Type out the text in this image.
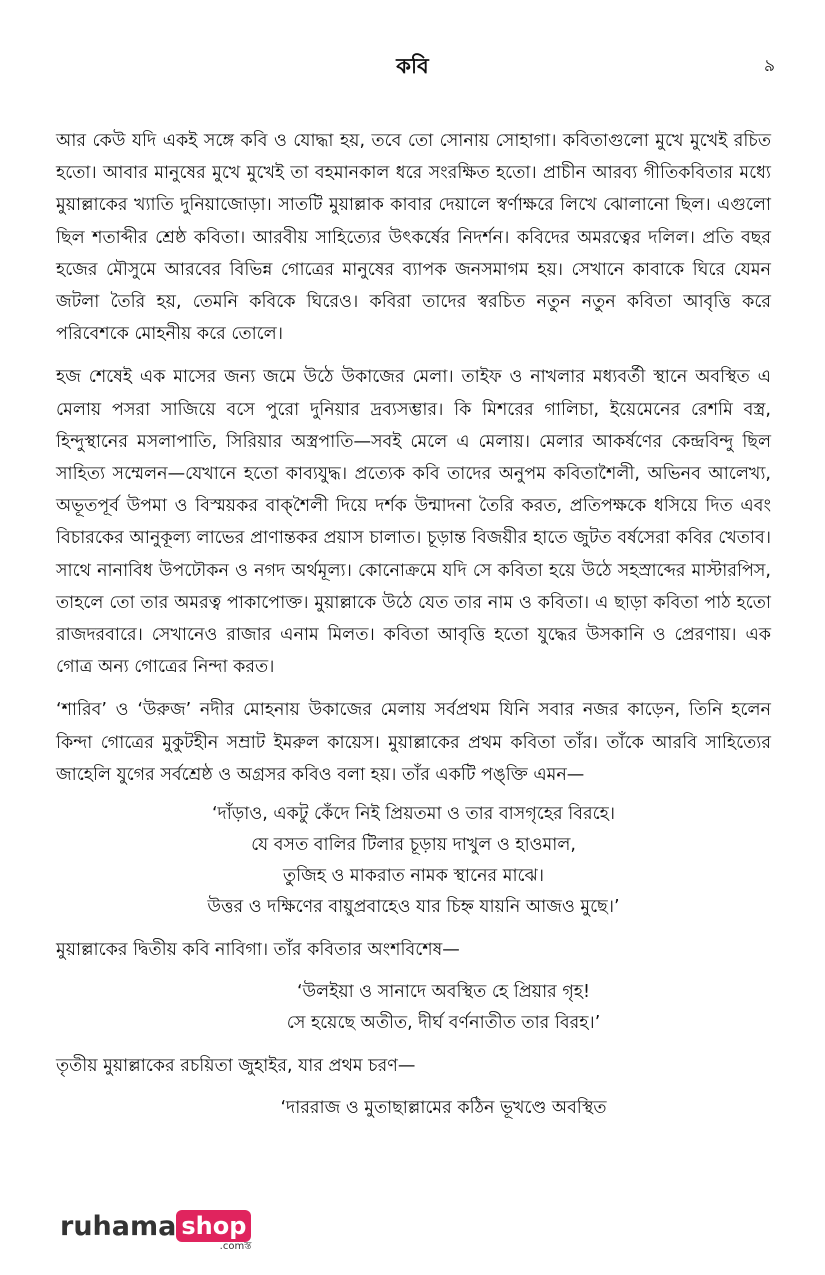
কবি	৯

আর কেউ যদি একই সঙ্গে কবি ও যোদ্ধা হয়, তবে তো সোনায় সোহাগা। কবিতাগুলো মুখে মুখেই রচিত হতো। আবার মানুষের মুখে মুখেই তা বহমানকাল ধরে সংরক্ষিত হতো। প্রাচীন আরব্য গীতিকবিতার মধ্যে মুয়াল্লাকের খ্যাতি দুনিয়াজোড়া। সাতটি মুয়াল্লাক কাবার দেয়ালে স্বর্ণাক্ষরে লিখে ঝোলানো ছিল। এগুলো ছিল শতাব্দীর শ্রেষ্ঠ কবিতা। আরবীয় সাহিত্যের উৎকর্ষের নিদর্শন। কবিদের অমরত্বের দলিল। প্রতি বছর হজের মৌসুমে আরবের বিভিন্ন গোত্রের মানুষের ব্যাপক জনসমাগম হয়। সেখানে কাবাকে ঘিরে যেমন জটলা তৈরি হয়, তেমনি কবিকে ঘিরেও। কবিরা তাদের স্বরচিত নতুন নতুন কবিতা আবৃত্তি করে পরিবেশকে মোহনীয় করে তোলে।

হজ শেষেই এক মাসের জন্য জমে উঠে উকাজের মেলা। তাইফ ও নাখলার মধ্যবর্তী স্থানে অবস্থিত এ মেলায় পসরা সাজিয়ে বসে পুরো দুনিয়ার দ্রব্যসম্ভার। কি মিশরের গালিচা, ইয়েমেনের রেশমি বস্ত্র, হিন্দুস্থানের মসলাপাতি, সিরিয়ার অস্ত্রপাতি—সবই মেলে এ মেলায়। মেলার আকর্ষণের কেন্দ্রবিন্দু ছিল সাহিত্য সম্মেলন—যেখানে হতো কাব্যযুদ্ধ। প্রত্যেক কবি তাদের অনুপম কবিতাশৈলী, অভিনব আলেখ্য, অভূতপূর্ব উপমা ও বিস্ময়কর বাক্‌শৈলী দিয়ে দর্শক উন্মাদনা তৈরি করত, প্রতিপক্ষকে ধসিয়ে দিত এবং বিচারকের আনুকূল্য লাভের প্রাণান্তকর প্রয়াস চালাত। চূড়ান্ত বিজয়ীর হাতে জুটত বর্ষসেরা কবির খেতাব। সাথে নানাবিধ উপঢৌকন ও নগদ অর্থমূল্য। কোনোক্রমে যদি সে কবিতা হয়ে উঠে সহস্রাব্দের মাস্টারপিস, তাহলে তো তার অমরত্ব পাকাপোক্ত। মুয়াল্লাকে উঠে যেত তার নাম ও কবিতা। এ ছাড়া কবিতা পাঠ হতো রাজদরবারে। সেখানেও রাজার এনাম মিলত। কবিতা আবৃত্তি হতো যুদ্ধের উসকানি ও প্রেরণায়। এক গোত্র অন্য গোত্রের নিন্দা করত।

‘শারিব’ ও ‘উরুজ’ নদীর মোহনায় উকাজের মেলায় সর্বপ্রথম যিনি সবার নজর কাড়েন, তিনি হলেন কিন্দা গোত্রের মুকুটহীন সম্রাট ইমরুল কায়েস। মুয়াল্লাকের প্রথম কবিতা তাঁর। তাঁকে আরবি সাহিত্যের জাহেলি যুগের সর্বশ্রেষ্ঠ ও অগ্রসর কবিও বলা হয়। তাঁর একটি পঙ্‌ক্তি এমন—

‘দাঁড়াও, একটু কেঁদে নিই প্রিয়তমা ও তার বাসগৃহের বিরহে।
যে বসত বালির টিলার চূড়ায় দাখুল ও হাওমাল,
তুজিহ ও মাকরাত নামক স্থানের মাঝে।
উত্তর ও দক্ষিণের বায়ুপ্রবাহেও যার চিহ্ন যায়নি আজও মুছে।’

মুয়াল্লাকের দ্বিতীয় কবি নাবিগা। তাঁর কবিতার অংশবিশেষ—

‘উলইয়া ও সানাদে অবস্থিত হে প্রিয়ার গৃহ!
সে হয়েছে অতীত, দীর্ঘ বর্ণনাতীত তার বিরহ।’

তৃতীয় মুয়াল্লাকের রচয়িতা জুহাইর, যার প্রথম চরণ—

‘দাররাজ ও মুতাছাল্লামের কঠিন ভূখণ্ডে অবস্থিত
ruhama shop
.comস্ত
